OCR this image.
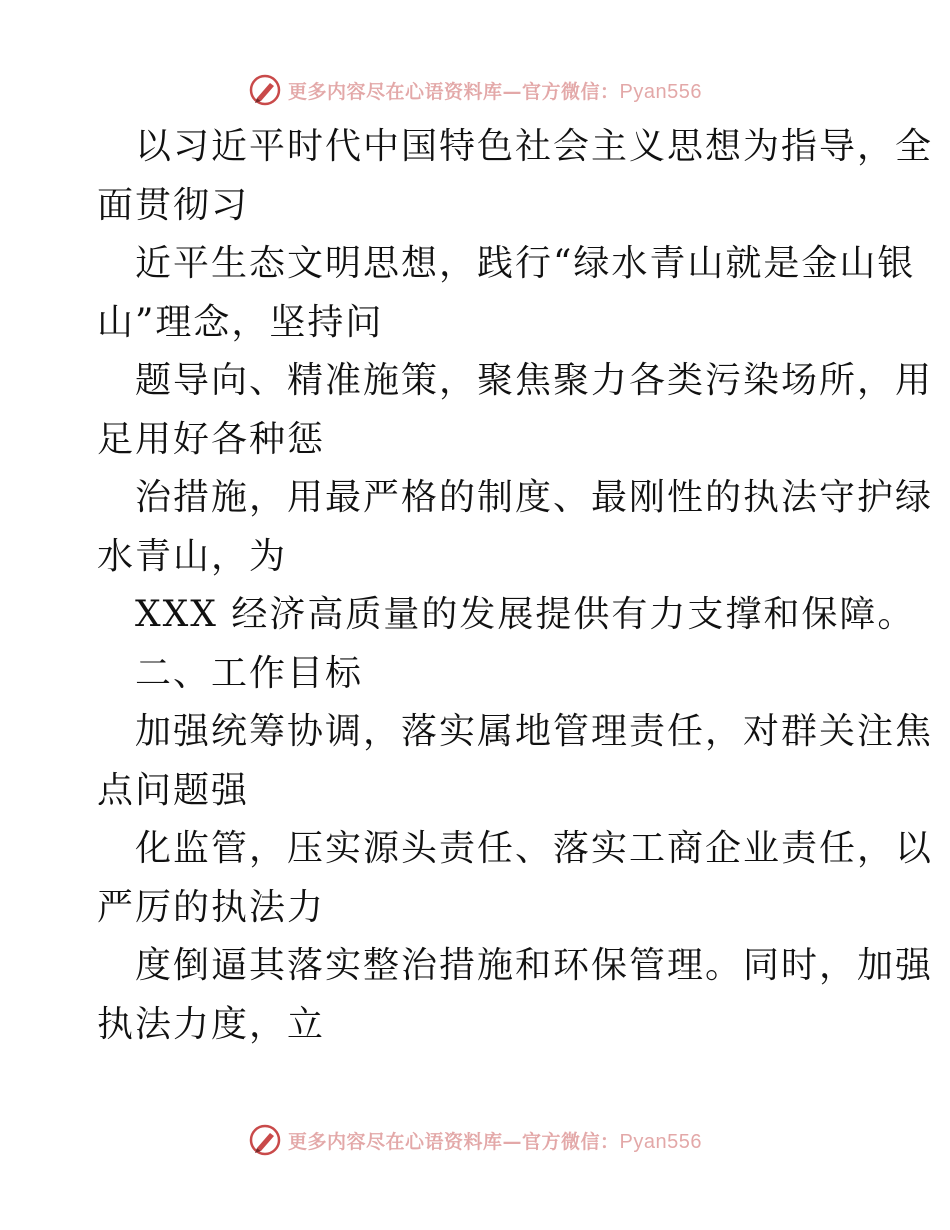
更多内容尽在心语资料库—官方微信：Pyan556
以习近平时代中国特色社会主义思想为指导，全
面贯彻习
近平生态文明思想，践行“绿水青山就是金山银
山”理念，坚持问
题导向、精准施策，聚焦聚力各类污染场所，用
足用好各种惩
治措施，用最严格的制度、最刚性的执法守护绿
水青山，为
XXX 经济高质量的发展提供有力支撑和保障。
二、工作目标
加强统筹协调，落实属地管理责任，对群关注焦
点问题强
化监管，压实源头责任、落实工商企业责任，以
严厉的执法力
度倒逼其落实整治措施和环保管理。同时，加强
执法力度，立
更多内容尽在心语资料库—官方微信：Pyan556
